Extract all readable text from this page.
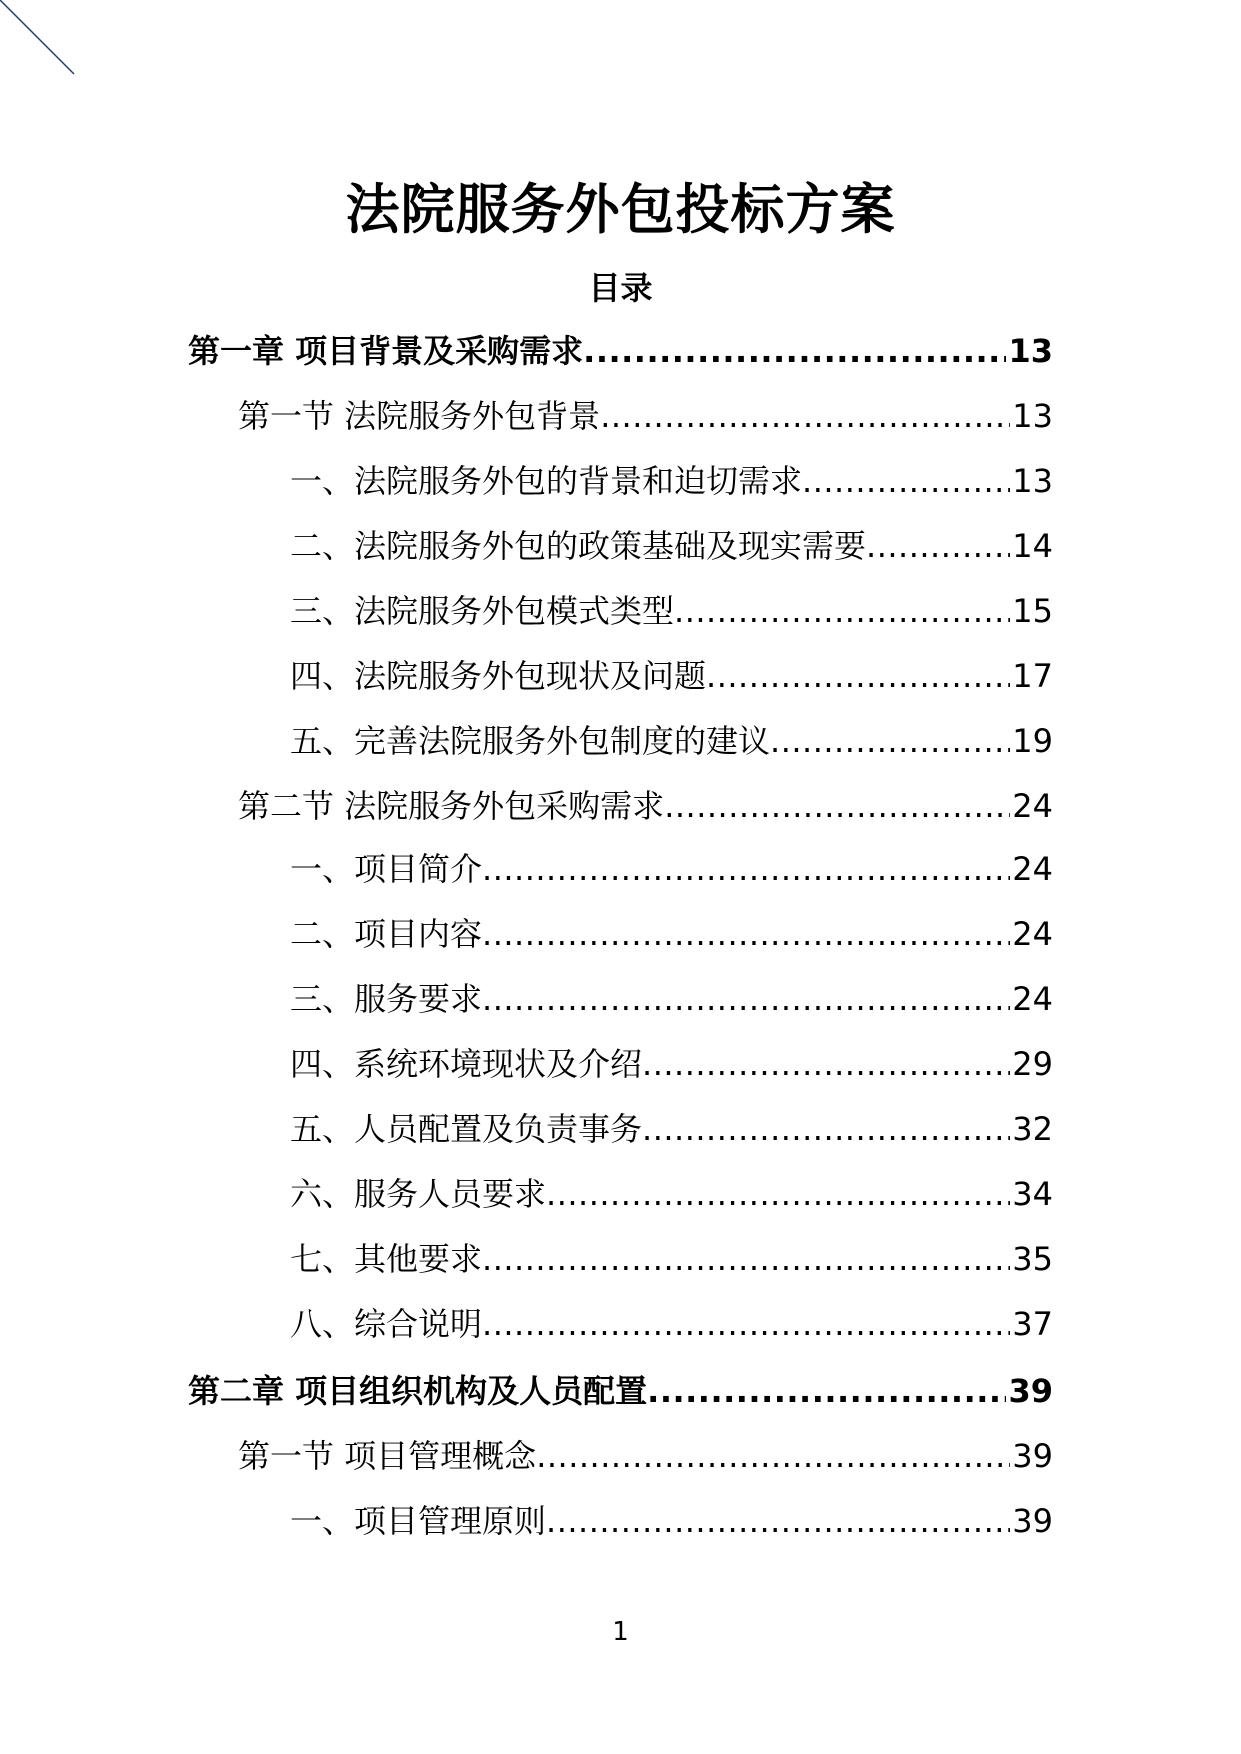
法院服务外包投标方案
目录
第一章 项目背景及采购需求 .....	13
第一节 法院服务外包背景 .....	13
一、法院服务外包的背景和迫切需求 .....	13
二、法院服务外包的政策基础及现实需要 .....	14
三、法院服务外包模式类型 .....	15
四、法院服务外包现状及问题 .....	17
五、完善法院服务外包制度的建议 .....	19
第二节 法院服务外包采购需求 .....	24
一、项目简介 .....	24
二、项目内容 .....	24
三、服务要求 .....	24
四、系统环境现状及介绍 .....	29
五、人员配置及负责事务 .....	32
六、服务人员要求 .....	34
七、其他要求 .....	35
八、综合说明 .....	37
第二章 项目组织机构及人员配置 .....	39
第一节 项目管理概念 .....	39
一、项目管理原则 .....	39
1
